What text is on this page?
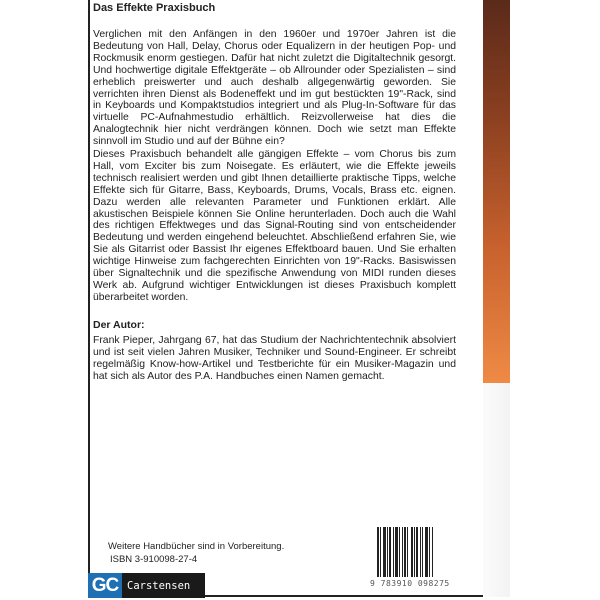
Das Effekte Praxisbuch
Verglichen mit den Anfängen in den 1960er und 1970er Jahren ist die Bedeutung von Hall, Delay, Chorus oder Equalizern in der heutigen Pop- und Rockmusik enorm gestiegen. Dafür hat nicht zuletzt die Digitaltechnik gesorgt. Und hochwertige digitale Effektgeräte – ob Allrounder oder Spezialisten – sind erheblich preiswerter und auch deshalb allgegenwärtig geworden. Sie verrichten ihren Dienst als Bodeneffekt und im gut bestückten 19"-Rack, sind in Keyboards und Kompaktstudios integriert und als Plug-In-Software für das virtuelle PC-Aufnahmestudio erhältlich. Reizvollerweise hat dies die Analogtechnik hier nicht verdrängen können. Doch wie setzt man Effekte sinnvoll im Studio und auf der Bühne ein?
Dieses Praxisbuch behandelt alle gängigen Effekte – vom Chorus bis zum Hall, vom Exciter bis zum Noisegate. Es erläutert, wie die Effekte jeweils technisch realisiert werden und gibt Ihnen detaillierte praktische Tipps, welche Effekte sich für Gitarre, Bass, Keyboards, Drums, Vocals, Brass etc. eignen. Dazu werden alle relevanten Parameter und Funktionen erklärt. Alle akustischen Beispiele können Sie Online herunterladen. Doch auch die Wahl des richtigen Effektweges und das Signal-Routing sind von entscheidender Bedeutung und werden eingehend beleuchtet. Abschließend erfahren Sie, wie Sie als Gitarrist oder Bassist Ihr eigenes Effektboard bauen. Und Sie erhalten wichtige Hinweise zum fachgerechten Einrichten von 19"-Racks. Basiswissen über Signaltechnik und die spezifische Anwendung von MIDI runden dieses Werk ab. Aufgrund wichtiger Entwicklungen ist dieses Praxisbuch komplett überarbeitet worden.
Der Autor:
Frank Pieper, Jahrgang 67, hat das Studium der Nachrichtentechnik absolviert und ist seit vielen Jahren Musiker, Techniker und Sound-Engineer. Er schreibt regelmäßig Know-how-Artikel und Testberichte für ein Musiker-Magazin und hat sich als Autor des P.A. Handbuches einen Namen gemacht.
Weitere Handbücher sind in Vorbereitung.
ISBN 3-910098-27-4
GC Carstensen	9 783910 098275
